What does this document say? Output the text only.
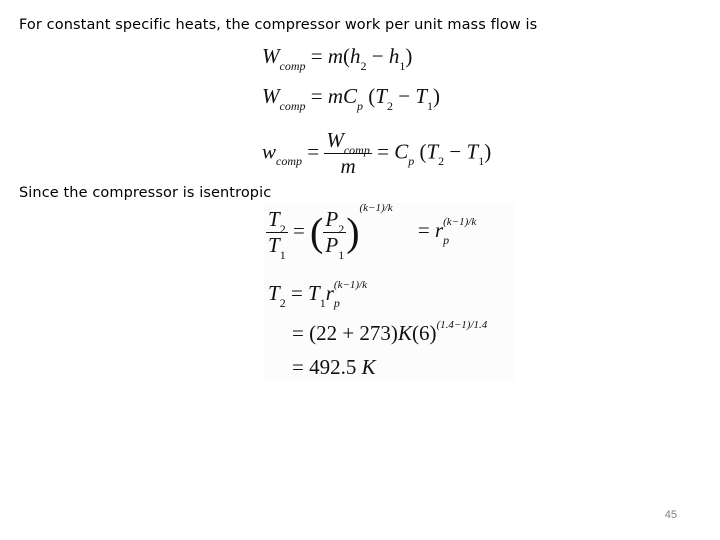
For constant specific heats, the compressor work per unit mass flow is
$W_{comp} = m(h_2 - h_1)$
$W_{comp} = mC_p$ $(T_2 - T_1)$
$w_{comp} = \frac{W_{comp}}{m} = C_p$ $(T_2 - T_1)$
Since the compressor is isentropic
$\frac{T_2}{T_1}$ = ( $\frac{P_2}{P_1} )^{(k-1)/k} = r_p^{(k-1)/k}$
$T_2 = T_1r_p^{(k-1)/k}$
= $(22 + 273)K(6)^{(1.4-1)/1.4}$
= 492.5 K
45
